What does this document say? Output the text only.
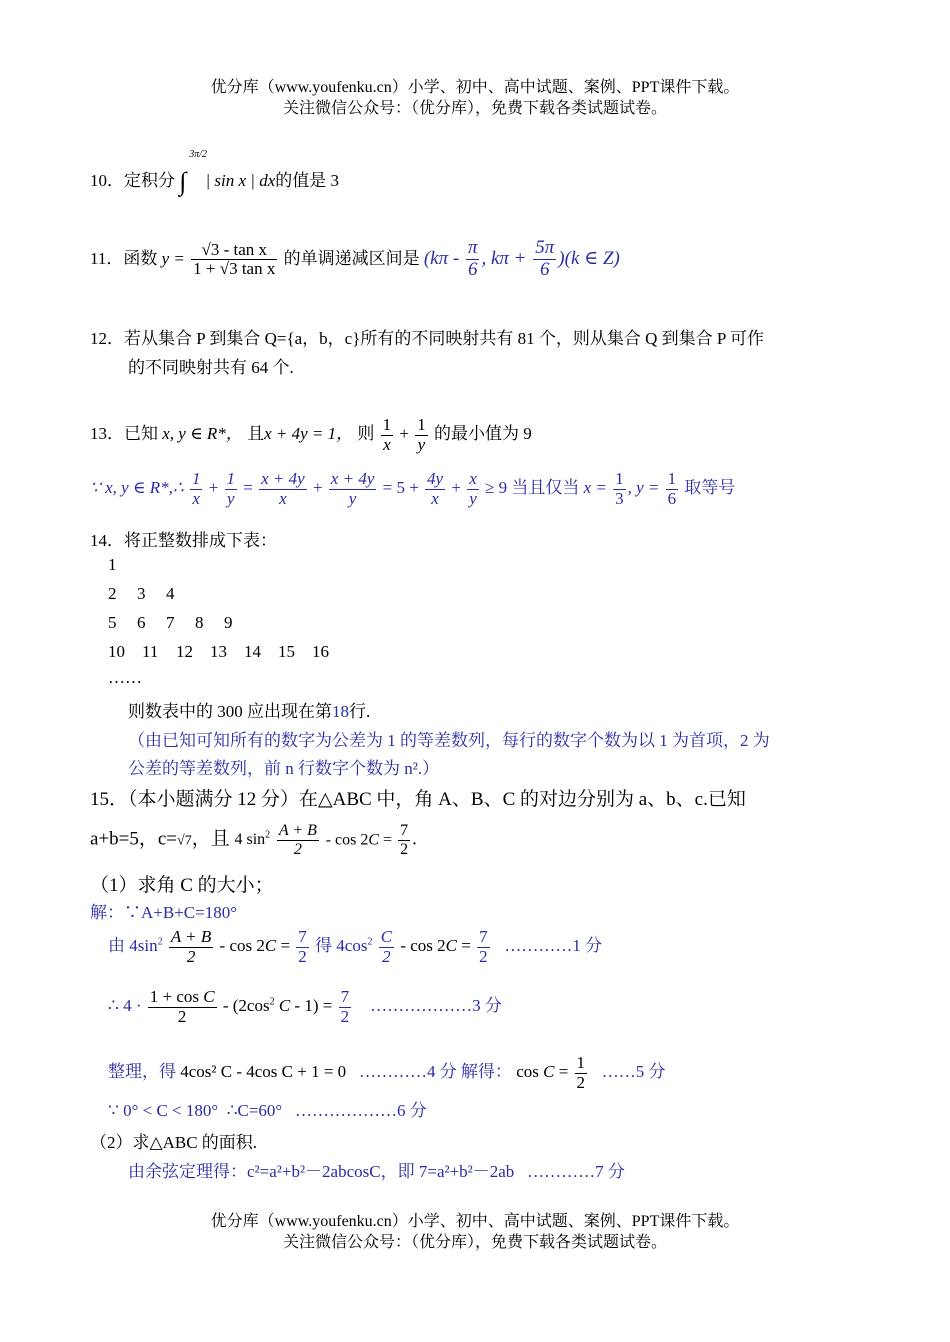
优分库（www.youfenku.cn）小学、初中、高中试题、案例、PPT课件下载。
关注微信公众号：（优分库），免费下载各类试题试卷。
10．定积分 ∫
3π/2
| sin x | dx的值是 3
11．函数 $y = \frac{\text{√3 - tan x}}{\text{1 + √3 tan x}}$ 的单调递减区间是 ($k\pi - \frac{\pi}{6}$ , $k\pi + \frac{5\pi}{6} )(k$ ∈ Z)
12．若从集合 P 到集合 Q={a，b，c}所有的不同映射共有 81 个，则从集合 Q 到集合 P 可作
的不同映射共有 64 个.
13．已知 x, y ∈ R*， 且x + 4y = 1， 则 $\frac{1}{x} + \frac{1}{y}$ 的最小值为 9
∵ x, y ∈ R*,∴ $\frac{1}{x} + \frac{1}{y} = \frac{x + 4y}{x} + \frac{x + 4y}{y} = 5 + \frac{4y}{x} + \frac{x}{y} \ge 9$ 当且仅当 $x = \frac{1}{3}$ , $y = \frac{1}{6}$ 取等号
14．将正整数排成下表：
1
2 3 4
5 6 7 8 9
10 11 12 13 14 15 16
……
则数表中的 300 应出现在第18行.
（由已知可知所有的数字为公差为 1 的等差数列，每行的数字个数为以 1 为首项，2 为
公差的等差数列，前 n 行数字个数为 n².）
15．（本小题满分 12 分）在△ABC 中，角 A、B、C 的对边分别为 a、b、c.已知
a+b=5，c=√7，且 4 $\sin^2 \frac{A + B}{2} - \cos 2C = \frac{7}{2}$ .
（1）求角 C 的大小；
解：∵A+B+C=180°
由 $4\sin^2 \frac{A + B}{2} - \cos 2C = \frac{7}{2}$ 得 $4\cos^2 \frac{C}{2} - \cos 2C = \frac{7}{2}$ …………1 分
∴ $4 \cdot \frac{\text{1 + cos C}}{2} - (2\cos^2$ $C - 1) = \frac{7}{2}$ ………………3 分
整理，得 4cos² C - 4cos C + 1 = 0 …………4 分 解得： $\cos C = \frac{1}{2}$ ……5 分
∵ 0° < C < 180° ∴C=60° ………………6 分
（2）求△ABC 的面积.
由余弦定理得：c²=a²+b²－2abcosC，即 7=a²+b²－2ab …………7 分
优分库（www.youfenku.cn）小学、初中、高中试题、案例、PPT课件下载。
关注微信公众号：（优分库），免费下载各类试题试卷。
